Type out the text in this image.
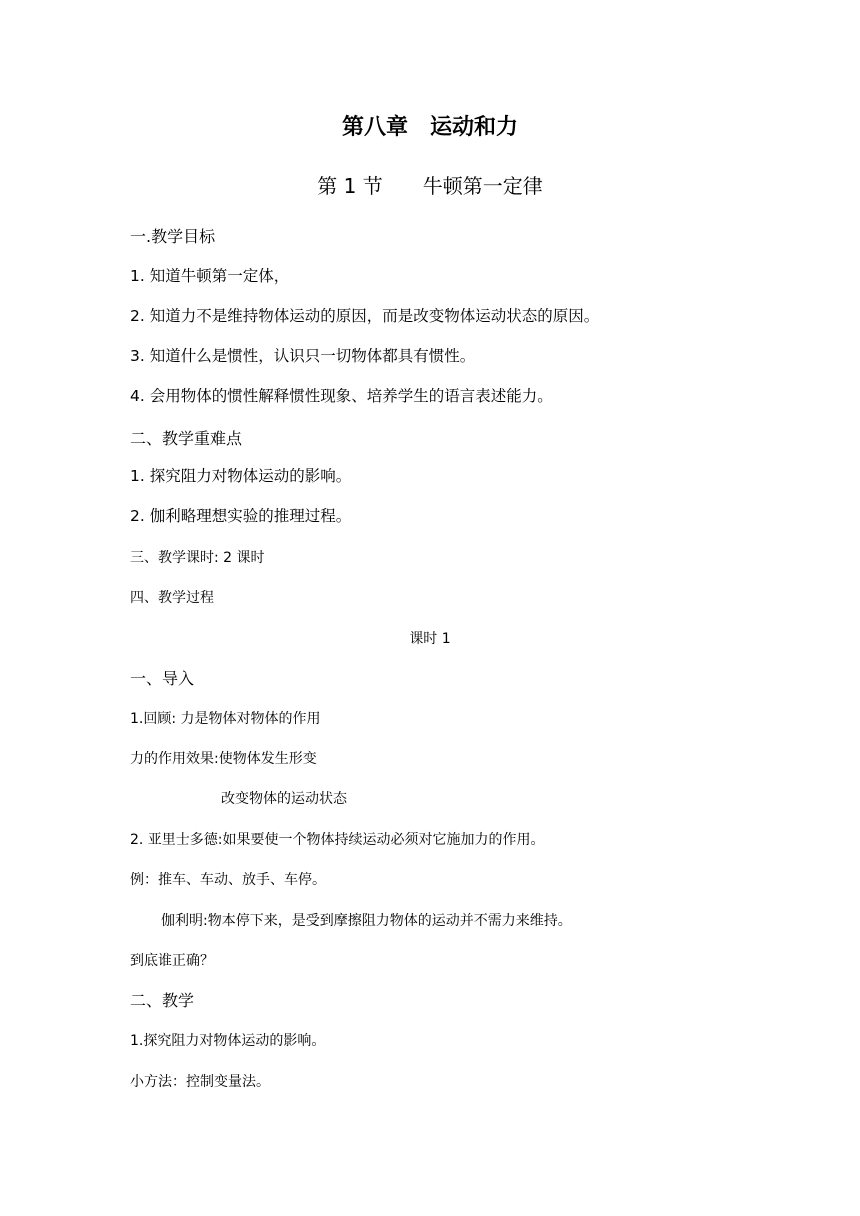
第八章　运动和力
第 1 节　　牛顿第一定律
一.教学目标
1. 知道牛顿第一定体，
2. 知道力不是维持物体运动的原因，而是改变物体运动状态的原因。
3. 知道什么是惯性，认识只一切物体都具有惯性。
4. 会用物体的惯性解释惯性现象、培养学生的语言表述能力。
二、教学重难点
1. 探究阻力对物体运动的影响。
2. 伽利略理想实验的推理过程。
三、教学课时: 2 课时
四、教学过程
课时 1
一、导入
1.回顾: 力是物体对物体的作用
力的作用效果:使物体发生形变
改变物体的运动状态
2. 亚里士多德:如果要使一个物体持续运动必须对它施加力的作用。
例：推车、车动、放手、车停。
伽利明:物本停下来，是受到摩擦阻力物体的运动并不需力来维持。
到底谁正确？
二、教学
1.探究阻力对物体运动的影响。
小方法：控制变量法。
